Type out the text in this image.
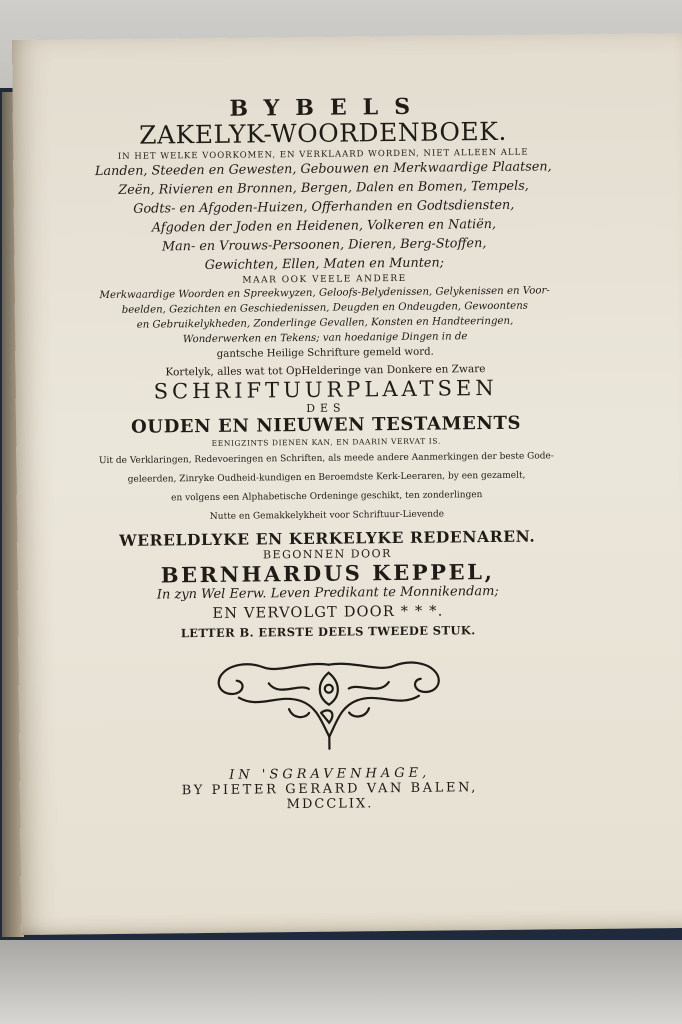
BYBELS
ZAKELYK-WOORDENBOEK.
IN HET WELKE VOORKOMEN, EN VERKLAARD WORDEN, NIET ALLEEN ALLE
Landen, Steeden en Gewesten, Gebouwen en Merkwaardige Plaatsen,
Zeën, Rivieren en Bronnen, Bergen, Dalen en Bomen, Tempels,
Godts- en Afgoden-Huizen, Offerhanden en Godtsdiensten,
Afgoden der Joden en Heidenen, Volkeren en Natiën,
Man- en Vrouws-Persoonen, Dieren, Berg-Stoffen,
Gewichten, Ellen, Maten en Munten;
MAAR OOK VEELE ANDERE
Merkwaardige Woorden en Spreekwyzen, Geloofs-Belydenissen, Gelykenissen en Voor-
beelden, Gezichten en Geschiedenissen, Deugden en Ondeugden, Gewoontens
en Gebruikelykheden, Zonderlinge Gevallen, Konsten en Handteeringen,
Wonderwerken en Tekens; van hoedanige Dingen in de
gantsche Heilige Schrifture gemeld word.
Kortelyk, alles wat tot OpHelderinge van Donkere en Zware
SCHRIFTUURPLAATSEN
DES
OUDEN EN NIEUWEN TESTAMENTS
EENIGZINTS DIENEN KAN, EN DAARIN VERVAT IS.
Uit de Verklaringen, Redevoeringen en Schriften, als meede andere Aanmerkingen der beste Gode-
geleerden, Zinryke Oudheid-kundigen en Beroemdste Kerk-Leeraren, by een gezamelt,
en volgens een Alphabetische Ordeninge geschikt, ten zonderlingen
Nutte en Gemakkelykheit voor Schriftuur-Lievende
WERELDLYKE EN KERKELYKE REDENAREN.
BEGONNEN DOOR
BERNHARDUS KEPPEL,
In zyn Wel Eerw. Leven Predikant te Monnikendam;
EN VERVOLGT DOOR * * *.
LETTER B. EERSTE DEELS TWEEDE STUK.
IN 'SGRAVENHAGE,
BY PIETER GERARD VAN BALEN,
MDCCLIX.
